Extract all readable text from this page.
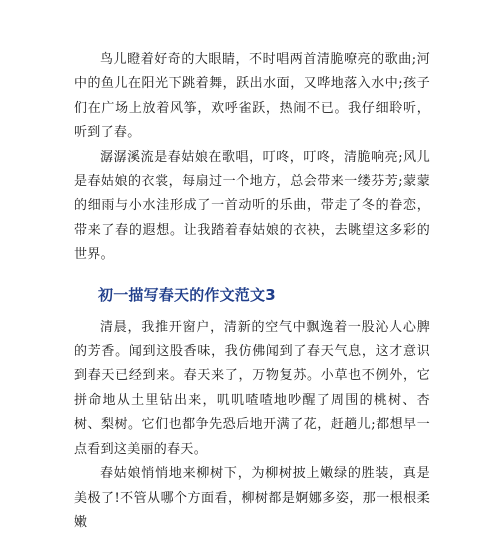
鸟儿瞪着好奇的大眼睛，不时唱两首清脆嘹亮的歌曲;河中的鱼儿在阳光下跳着舞，跃出水面，又哗地落入水中;孩子们在广场上放着风筝，欢呼雀跃，热闹不已。我仔细聆听，听到了春。

潺潺溪流是春姑娘在歌唱，叮咚，叮咚，清脆响亮;风儿是春姑娘的衣裳，每扇过一个地方，总会带来一缕芬芳;蒙蒙的细雨与小水洼形成了一首动听的乐曲，带走了冬的眷恋，带来了春的遐想。让我踏着春姑娘的衣袂，去眺望这多彩的世界。

初一描写春天的作文范文3

清晨，我推开窗户，清新的空气中飘逸着一股沁人心脾的芳香。闻到这股香味，我仿佛闻到了春天气息，这才意识到春天已经到来。春天来了，万物复苏。小草也不例外，它拼命地从土里钻出来，叽叽喳喳地吵醒了周围的桃树、杏树、梨树。它们也都争先恐后地开满了花，赶趟儿;都想早一点看到这美丽的春天。

春姑娘悄悄地来柳树下，为柳树披上嫩绿的胜装，真是美极了!不管从哪个方面看，柳树都是婀娜多姿，那一根根柔嫩
